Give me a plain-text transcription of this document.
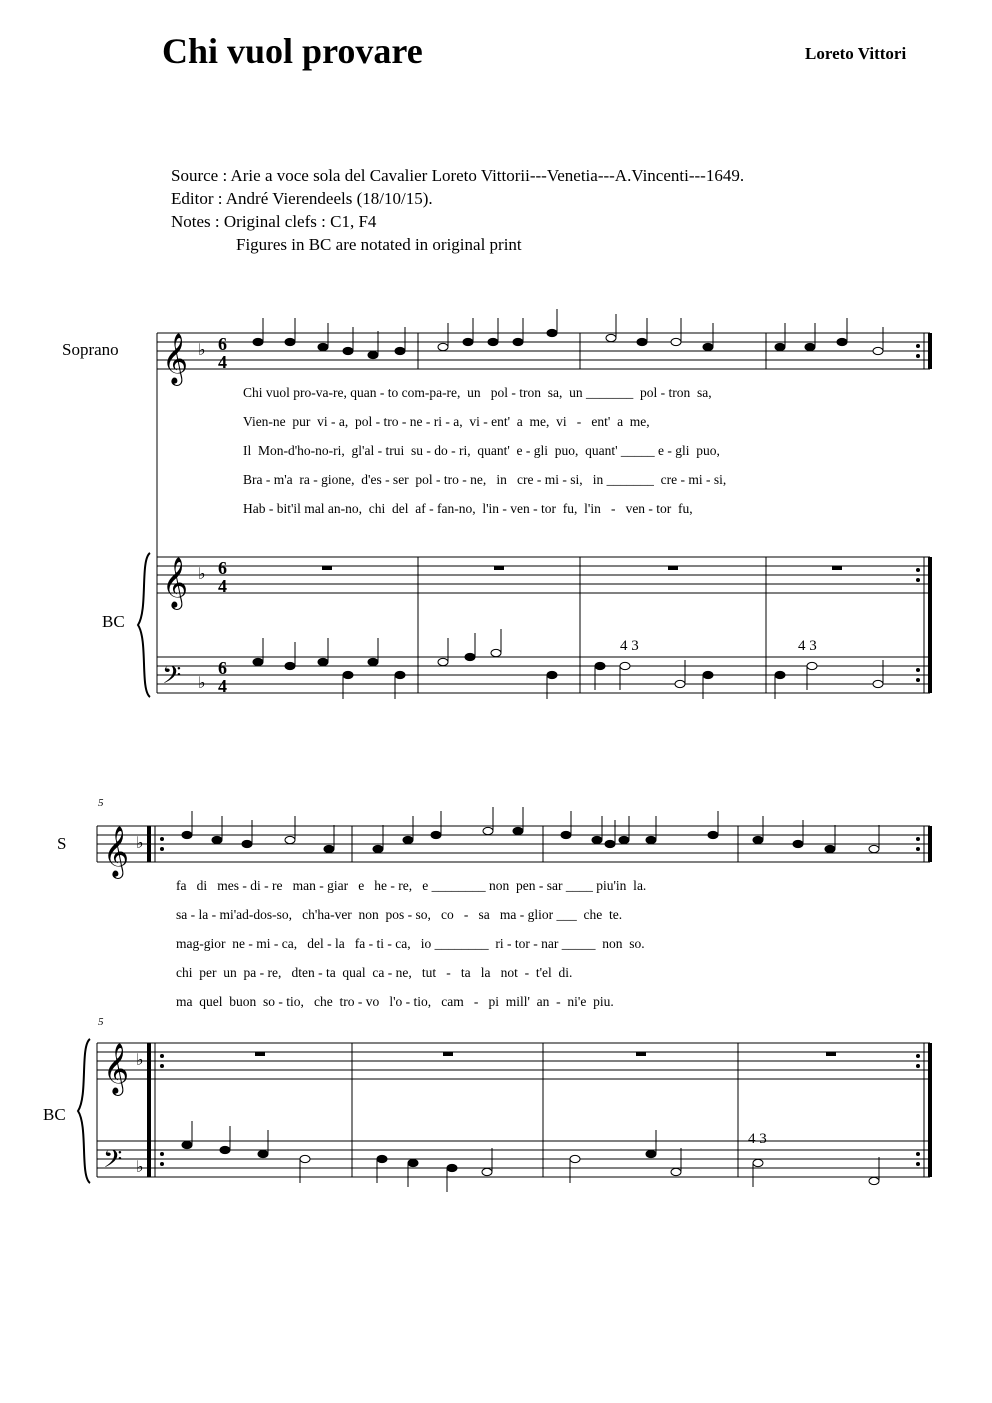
Chi vuol provare	Loreto Vittori
Source : Arie a voce sola del Cavalier Loreto Vittorii---Venetia---A.Vincenti---1649.
Editor : André Vierendeels (18/10/15).
Notes : Original clefs : C1, F4
Figures in BC are notated in original print
Soprano
BC
Chi vuol pro-va-re, quan - to com-pa-re,  un   pol - tron  sa,  un _______  pol - tron  sa,
Vien-ne  pur  vi - a,  pol - tro - ne - ri - a,  vi - ent'  a  me,  vi   -   ent'  a  me,
Il  Mon-d'ho-no-ri,  gl'al - trui  su - do - ri,  quant'  e - gli  puo,  quant' _____ e - gli  puo,
Bra - m'a  ra - gione,  d'es - ser  pol - tro - ne,   in   cre - mi - si,   in _______  cre - mi - si,
Hab - bit'il mal an-no,  chi  del  af - fan-no,  l'in - ven - tor  fu,  l'in   -   ven - tor  fu,
4 3	4 3
5
5
S
BC
fa   di   mes - di - re   man - giar   e   he - re,   e ________ non  pen - sar ____ piu'in  la.
sa - la - mi'ad-dos-so,   ch'ha-ver  non  pos - so,   co   -   sa   ma - glior ___  che  te.
mag-gior  ne - mi - ca,   del - la   fa - ti - ca,   io ________  ri - tor - nar _____  non  so.
chi  per  un  pa - re,   dten - ta  qual  ca - ne,   tut   -   ta   la   not  -  t'el  di.
ma  quel  buon  so - tio,   che  tro - vo   l'o - tio,   cam   -   pi  mill'  an  -  ni'e  piu.
4 3
𝄞
𝄞
𝄢
𝄞
𝄞
𝄢
♭
♭
♭
♭
♭
♭
6
4
6
4
6
4
